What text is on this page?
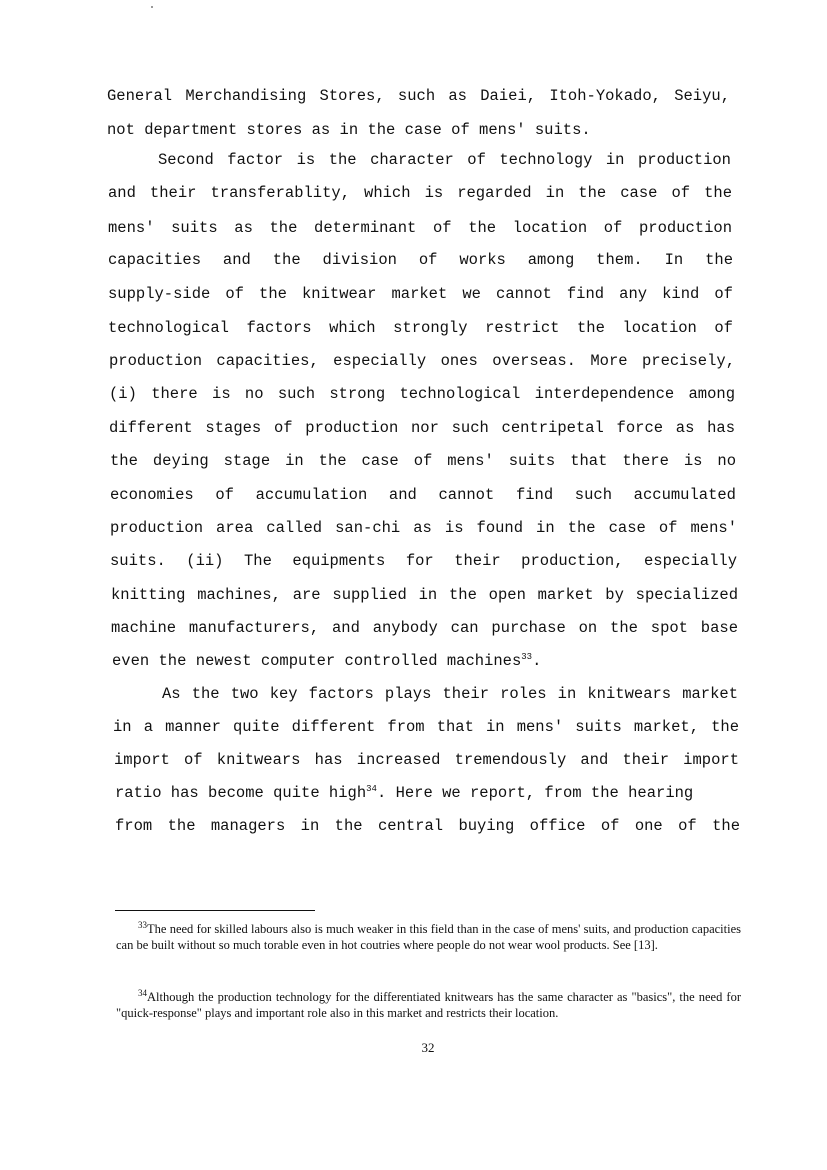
General Merchandising Stores, such as Daiei, Itoh-Yokado, Seiyu,
not department stores as in the case of mens' suits.
Second factor is the character of technology in production
and their transferablity, which is regarded in the case of the
mens' suits as the determinant of the location of production
capacities and the division of works among them. In the
supply-side of the knitwear market we cannot find any kind of
technological factors which strongly restrict the location of
production capacities, especially ones overseas. More precisely,
(i) there is no such strong technological interdependence among
different stages of production nor such centripetal force as has
the deying stage in the case of mens' suits that there is no
economies of accumulation and cannot find such accumulated
production area called san-chi as is found in the case of mens'
suits. (ii) The equipments for their production, especially
knitting machines, are supplied in the open market by specialized
machine manufacturers, and anybody can purchase on the spot base
even the newest computer controlled machines$^{33}$.
As the two key factors plays their roles in knitwears market
in a manner quite different from that in mens' suits market, the
import of knitwears has increased tremendously and their import
ratio has become quite high$^{34}$. Here we report, from the hearing
from the managers in the central buying office of one of the
$^{33}$The need for skilled labours also is much weaker in this field than in the case of mens' suits, and production capacities can be built without so much torable even in hot coutries where people do not wear wool products. See [13].
$^{34}$Although the production technology for the differentiated knitwears has the same character as "basics", the need for "quick-response" plays and important role also in this market and restricts their location.
32
